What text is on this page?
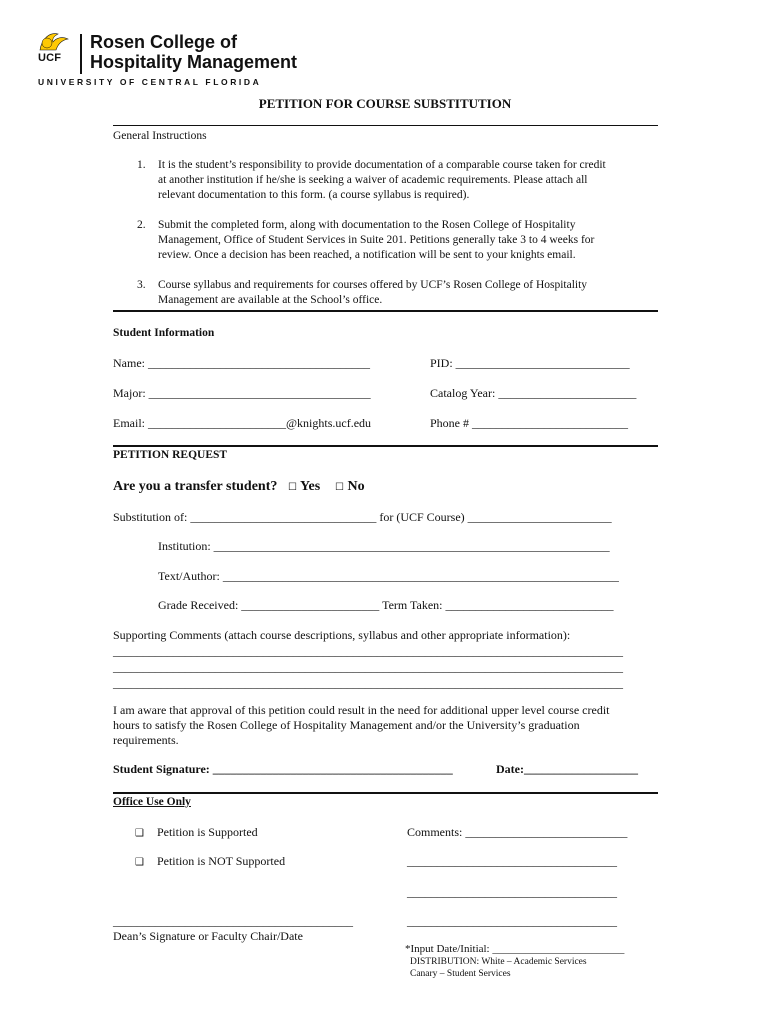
UCF
Rosen College of
Hospitality Management
UNIVERSITY OF CENTRAL FLORIDA
PETITION FOR COURSE SUBSTITUTION
General Instructions
1. It is the student’s responsibility to provide documentation of a comparable course taken for credit
at another institution if he/she is seeking a waiver of academic requirements. Please attach all
relevant documentation to this form. (a course syllabus is required).
2. Submit the completed form, along with documentation to the Rosen College of Hospitality
Management, Office of Student Services in Suite 201. Petitions generally take 3 to 4 weeks for
review. Once a decision has been reached, a notification will be sent to your knights email.
3. Course syllabus and requirements for courses offered by UCF’s Rosen College of Hospitality
Management are available at the School’s office.
Student Information
Name: _____________________________________	PID: _____________________________
Major: _____________________________________	Catalog Year: _______________________
Email: _______________________@knights.ucf.edu	Phone # __________________________
PETITION REQUEST
Are you a transfer student? ☐ Yes ☐ No
Substitution of: _______________________________ for (UCF Course) ________________________
Institution: __________________________________________________________________
Text/Author: __________________________________________________________________
Grade Received: _______________________ Term Taken: ____________________________
Supporting Comments (attach course descriptions, syllabus and other appropriate information):
_____________________________________________________________________________________
_____________________________________________________________________________________
_____________________________________________________________________________________
I am aware that approval of this petition could result in the need for additional upper level course credit
hours to satisfy the Rosen College of Hospitality Management and/or the University’s graduation
requirements.
Student Signature: ________________________________________	Date:___________________
Office Use Only
❑ Petition is Supported
❑ Petition is NOT Supported
Comments: ___________________________
___________________________________
___________________________________
___________________________________
________________________________________
Dean’s Signature or Faculty Chair/Date
*Input Date/Initial: ________________________
DISTRIBUTION: White – Academic Services
Canary – Student Services
